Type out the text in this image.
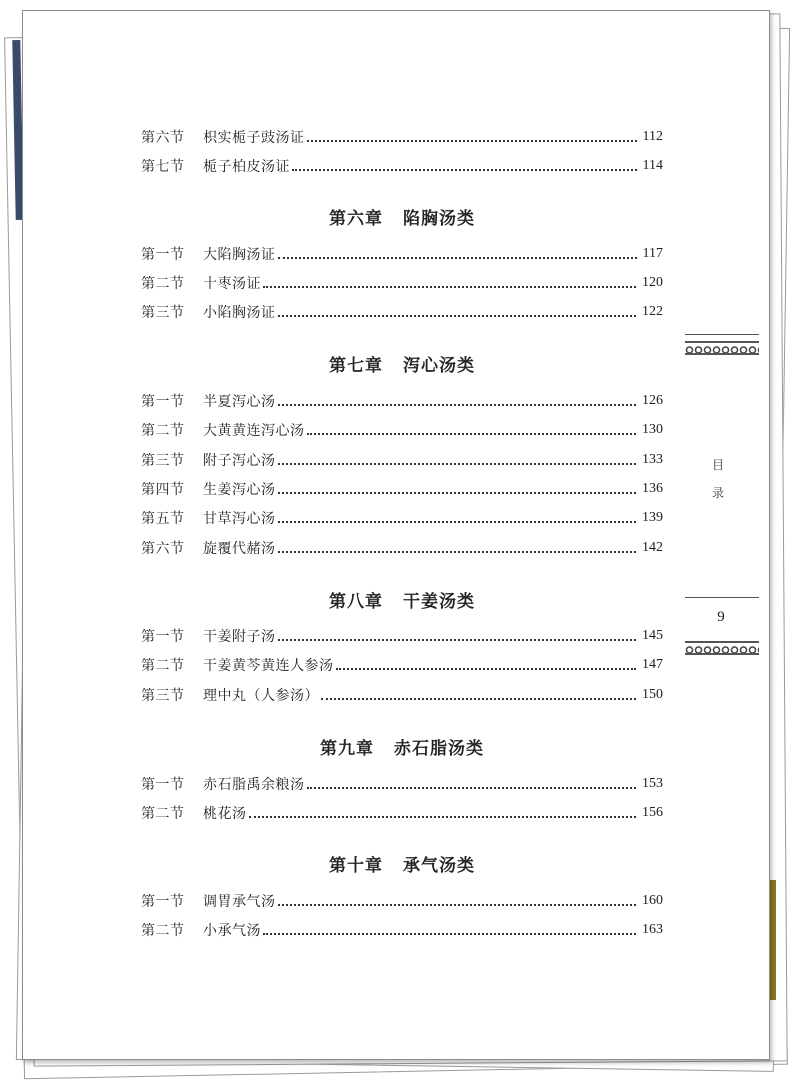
第六节	枳实栀子豉汤证	112
第七节	栀子柏皮汤证	114
第六章 陷胸汤类
第一节	大陷胸汤证	117
第二节	十枣汤证	120
第三节	小陷胸汤证	122
第七章 泻心汤类
第一节	半夏泻心汤	126
第二节	大黄黄连泻心汤	130
第三节	附子泻心汤	133
第四节	生姜泻心汤	136
第五节	甘草泻心汤	139
第六节	旋覆代赭汤	142
第八章 干姜汤类
第一节	干姜附子汤	145
第二节	干姜黄芩黄连人参汤	147
第三节	理中丸（人参汤）	150
第九章 赤石脂汤类
第一节	赤石脂禹余粮汤	153
第二节	桃花汤	156
第十章 承气汤类
第一节	调胃承气汤	160
第二节	小承气汤	163
目
录
9
